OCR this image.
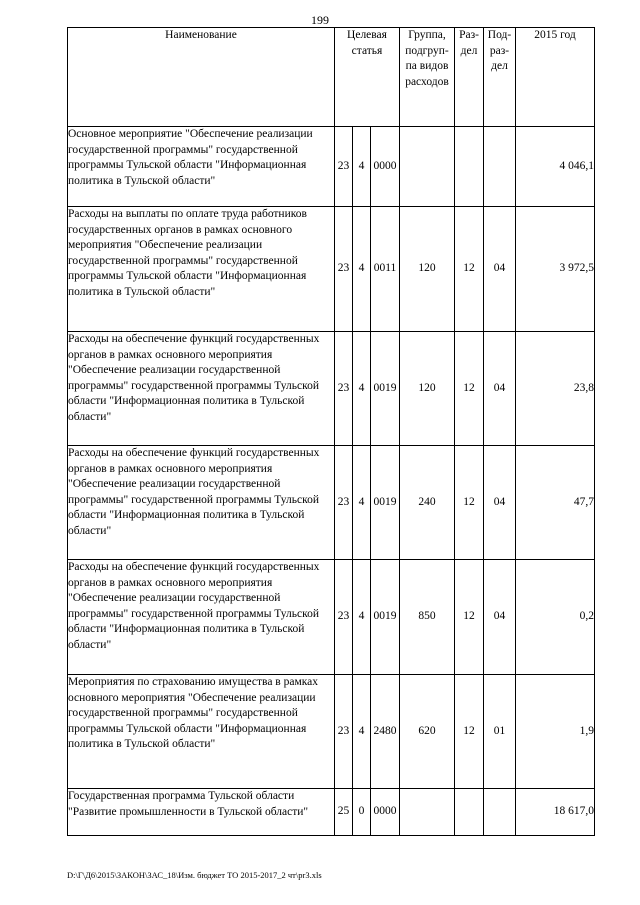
199
Наименование	Целевая статья			Группа, подгруп- па видов расходов	Раз- дел	Под- раз- дел	2015 год
Основное мероприятие "Обеспечение реализации государственной программы" государственной программы Тульской области "Информационная политика в Тульской области"	23	4	0000				4 046,1
Расходы на выплаты по оплате труда работников государственных органов в рамках основного мероприятия "Обеспечение реализации государственной программы" государственной программы Тульской области "Информационная политика в Тульской области"	23	4	0011	120	12	04	3 972,5
Расходы на обеспечение функций государственных органов в рамках основного мероприятия "Обеспечение реализации государственной программы" государственной программы Тульской области "Информационная политика в Тульской области"	23	4	0019	120	12	04	23,8
Расходы на обеспечение функций государственных органов в рамках основного мероприятия "Обеспечение реализации государственной программы" государственной программы Тульской области "Информационная политика в Тульской области"	23	4	0019	240	12	04	47,7
Расходы на обеспечение функций государственных органов в рамках основного мероприятия "Обеспечение реализации государственной программы" государственной программы Тульской области "Информационная политика в Тульской области"	23	4	0019	850	12	04	0,2
Мероприятия по страхованию имущества в рамках основного мероприятия "Обеспечение реализации государственной программы" государственной программы Тульской области "Информационная политика в Тульской области"	23	4	2480	620	12	01	1,9
Государственная программа Тульской области "Развитие промышленности в Тульской области"	25	0	0000				18 617,0
D:\Г\Д6\2015\ЗАКОН\ЗАС_18\Изм. бюджет ТО 2015-2017_2 чт\pr3.xls
